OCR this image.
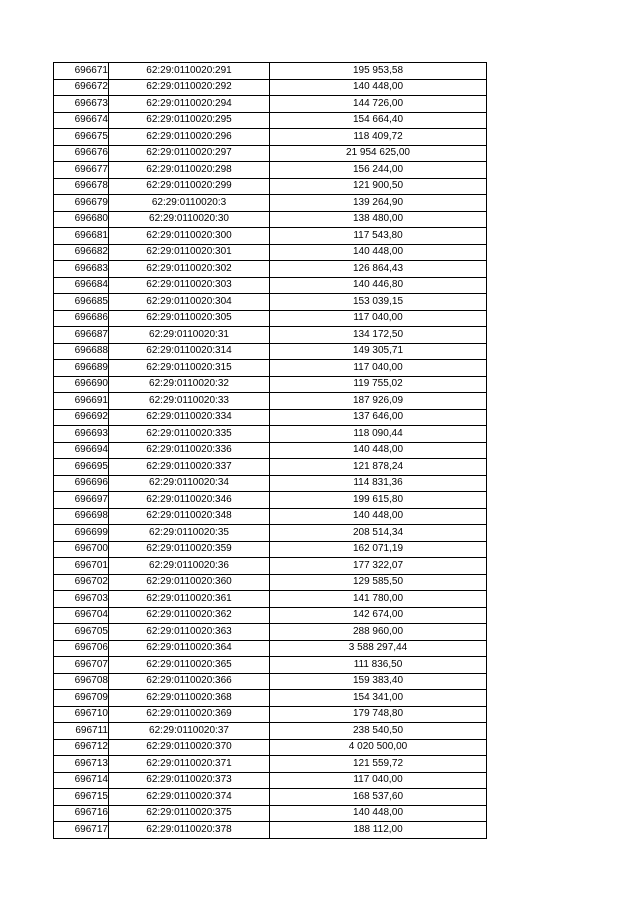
696671	62:29:0110020:291	195 953,58
696672	62:29:0110020:292	140 448,00
696673	62:29:0110020:294	144 726,00
696674	62:29:0110020:295	154 664,40
696675	62:29:0110020:296	118 409,72
696676	62:29:0110020:297	21 954 625,00
696677	62:29:0110020:298	156 244,00
696678	62:29:0110020:299	121 900,50
696679	62:29:0110020:3	139 264,90
696680	62:29:0110020:30	138 480,00
696681	62:29:0110020:300	117 543,80
696682	62:29:0110020:301	140 448,00
696683	62:29:0110020:302	126 864,43
696684	62:29:0110020:303	140 446,80
696685	62:29:0110020:304	153 039,15
696686	62:29:0110020:305	117 040,00
696687	62:29:0110020:31	134 172,50
696688	62:29:0110020:314	149 305,71
696689	62:29:0110020:315	117 040,00
696690	62:29:0110020:32	119 755,02
696691	62:29:0110020:33	187 926,09
696692	62:29:0110020:334	137 646,00
696693	62:29:0110020:335	118 090,44
696694	62:29:0110020:336	140 448,00
696695	62:29:0110020:337	121 878,24
696696	62:29:0110020:34	114 831,36
696697	62:29:0110020:346	199 615,80
696698	62:29:0110020:348	140 448,00
696699	62:29:0110020:35	208 514,34
696700	62:29:0110020:359	162 071,19
696701	62:29:0110020:36	177 322,07
696702	62:29:0110020:360	129 585,50
696703	62:29:0110020:361	141 780,00
696704	62:29:0110020:362	142 674,00
696705	62:29:0110020:363	288 960,00
696706	62:29:0110020:364	3 588 297,44
696707	62:29:0110020:365	111 836,50
696708	62:29:0110020:366	159 383,40
696709	62:29:0110020:368	154 341,00
696710	62:29:0110020:369	179 748,80
696711	62:29:0110020:37	238 540,50
696712	62:29:0110020:370	4 020 500,00
696713	62:29:0110020:371	121 559,72
696714	62:29:0110020:373	117 040,00
696715	62:29:0110020:374	168 537,60
696716	62:29:0110020:375	140 448,00
696717	62:29:0110020:378	188 112,00
